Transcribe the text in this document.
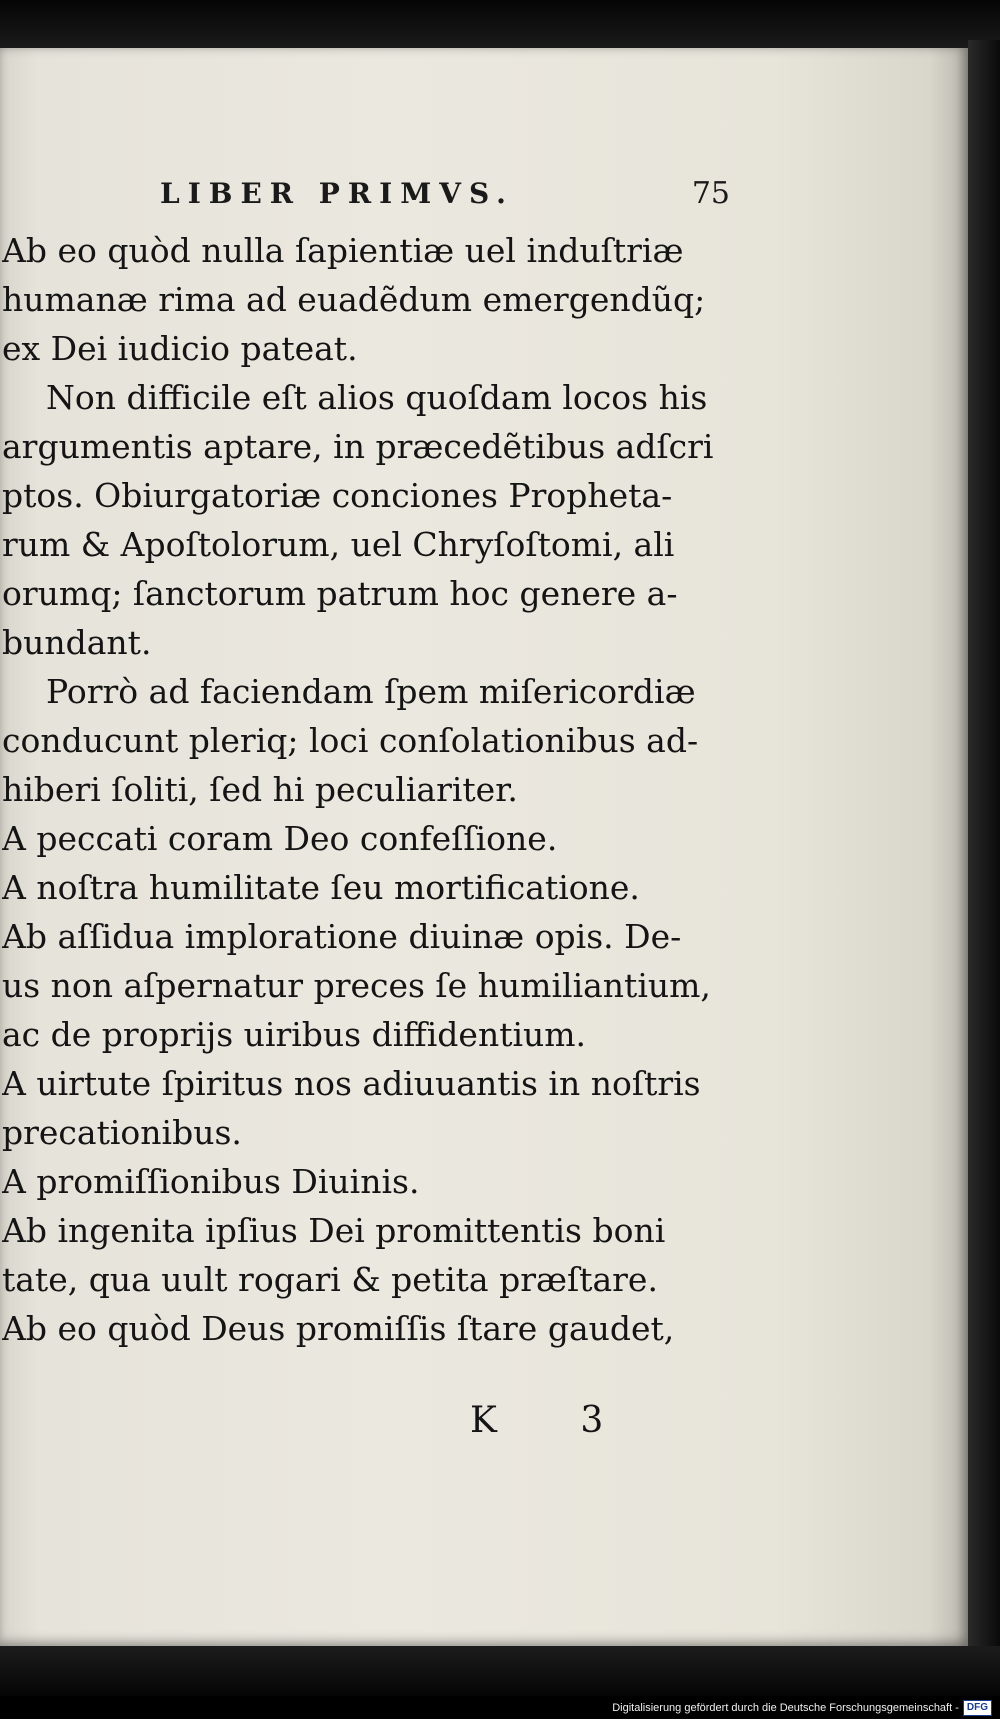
LIBER PRIMVS.	75
Ab eo quòd nulla ſapientiæ uel induſtriæ
humanæ rima ad euadẽdum emergendũq;
ex Dei iudicio pateat.
Non difficile eſt alios quoſdam locos his
argumentis aptare, in præcedẽtibus adſcri
ptos. Obiurgatoriæ conciones Propheta-
rum & Apoſtolorum, uel Chryſoſtomi, ali
orumq; ſanctorum patrum hoc genere a-
bundant.
Porrò ad faciendam ſpem miſericordiæ
conducunt pleriq; loci conſolationibus ad-
hiberi ſoliti, ſed hi peculiariter.
A peccati coram Deo confeſſione.
A noſtra humilitate ſeu mortificatione.
Ab aſſidua imploratione diuinæ opis. De-
us non aſpernatur preces ſe humiliantium,
ac de proprijs uiribus diffidentium.
A uirtute ſpiritus nos adiuuantis in noſtris
precationibus.
A promiſſionibus Diuinis.
Ab ingenita ipſius Dei promittentis boni
tate, qua uult rogari & petita præſtare.
Ab eo quòd Deus promiſſis ſtare gaudet,
K 3
Digitalisierung gefördert durch die Deutsche Forschungsgemeinschaft - DFG
